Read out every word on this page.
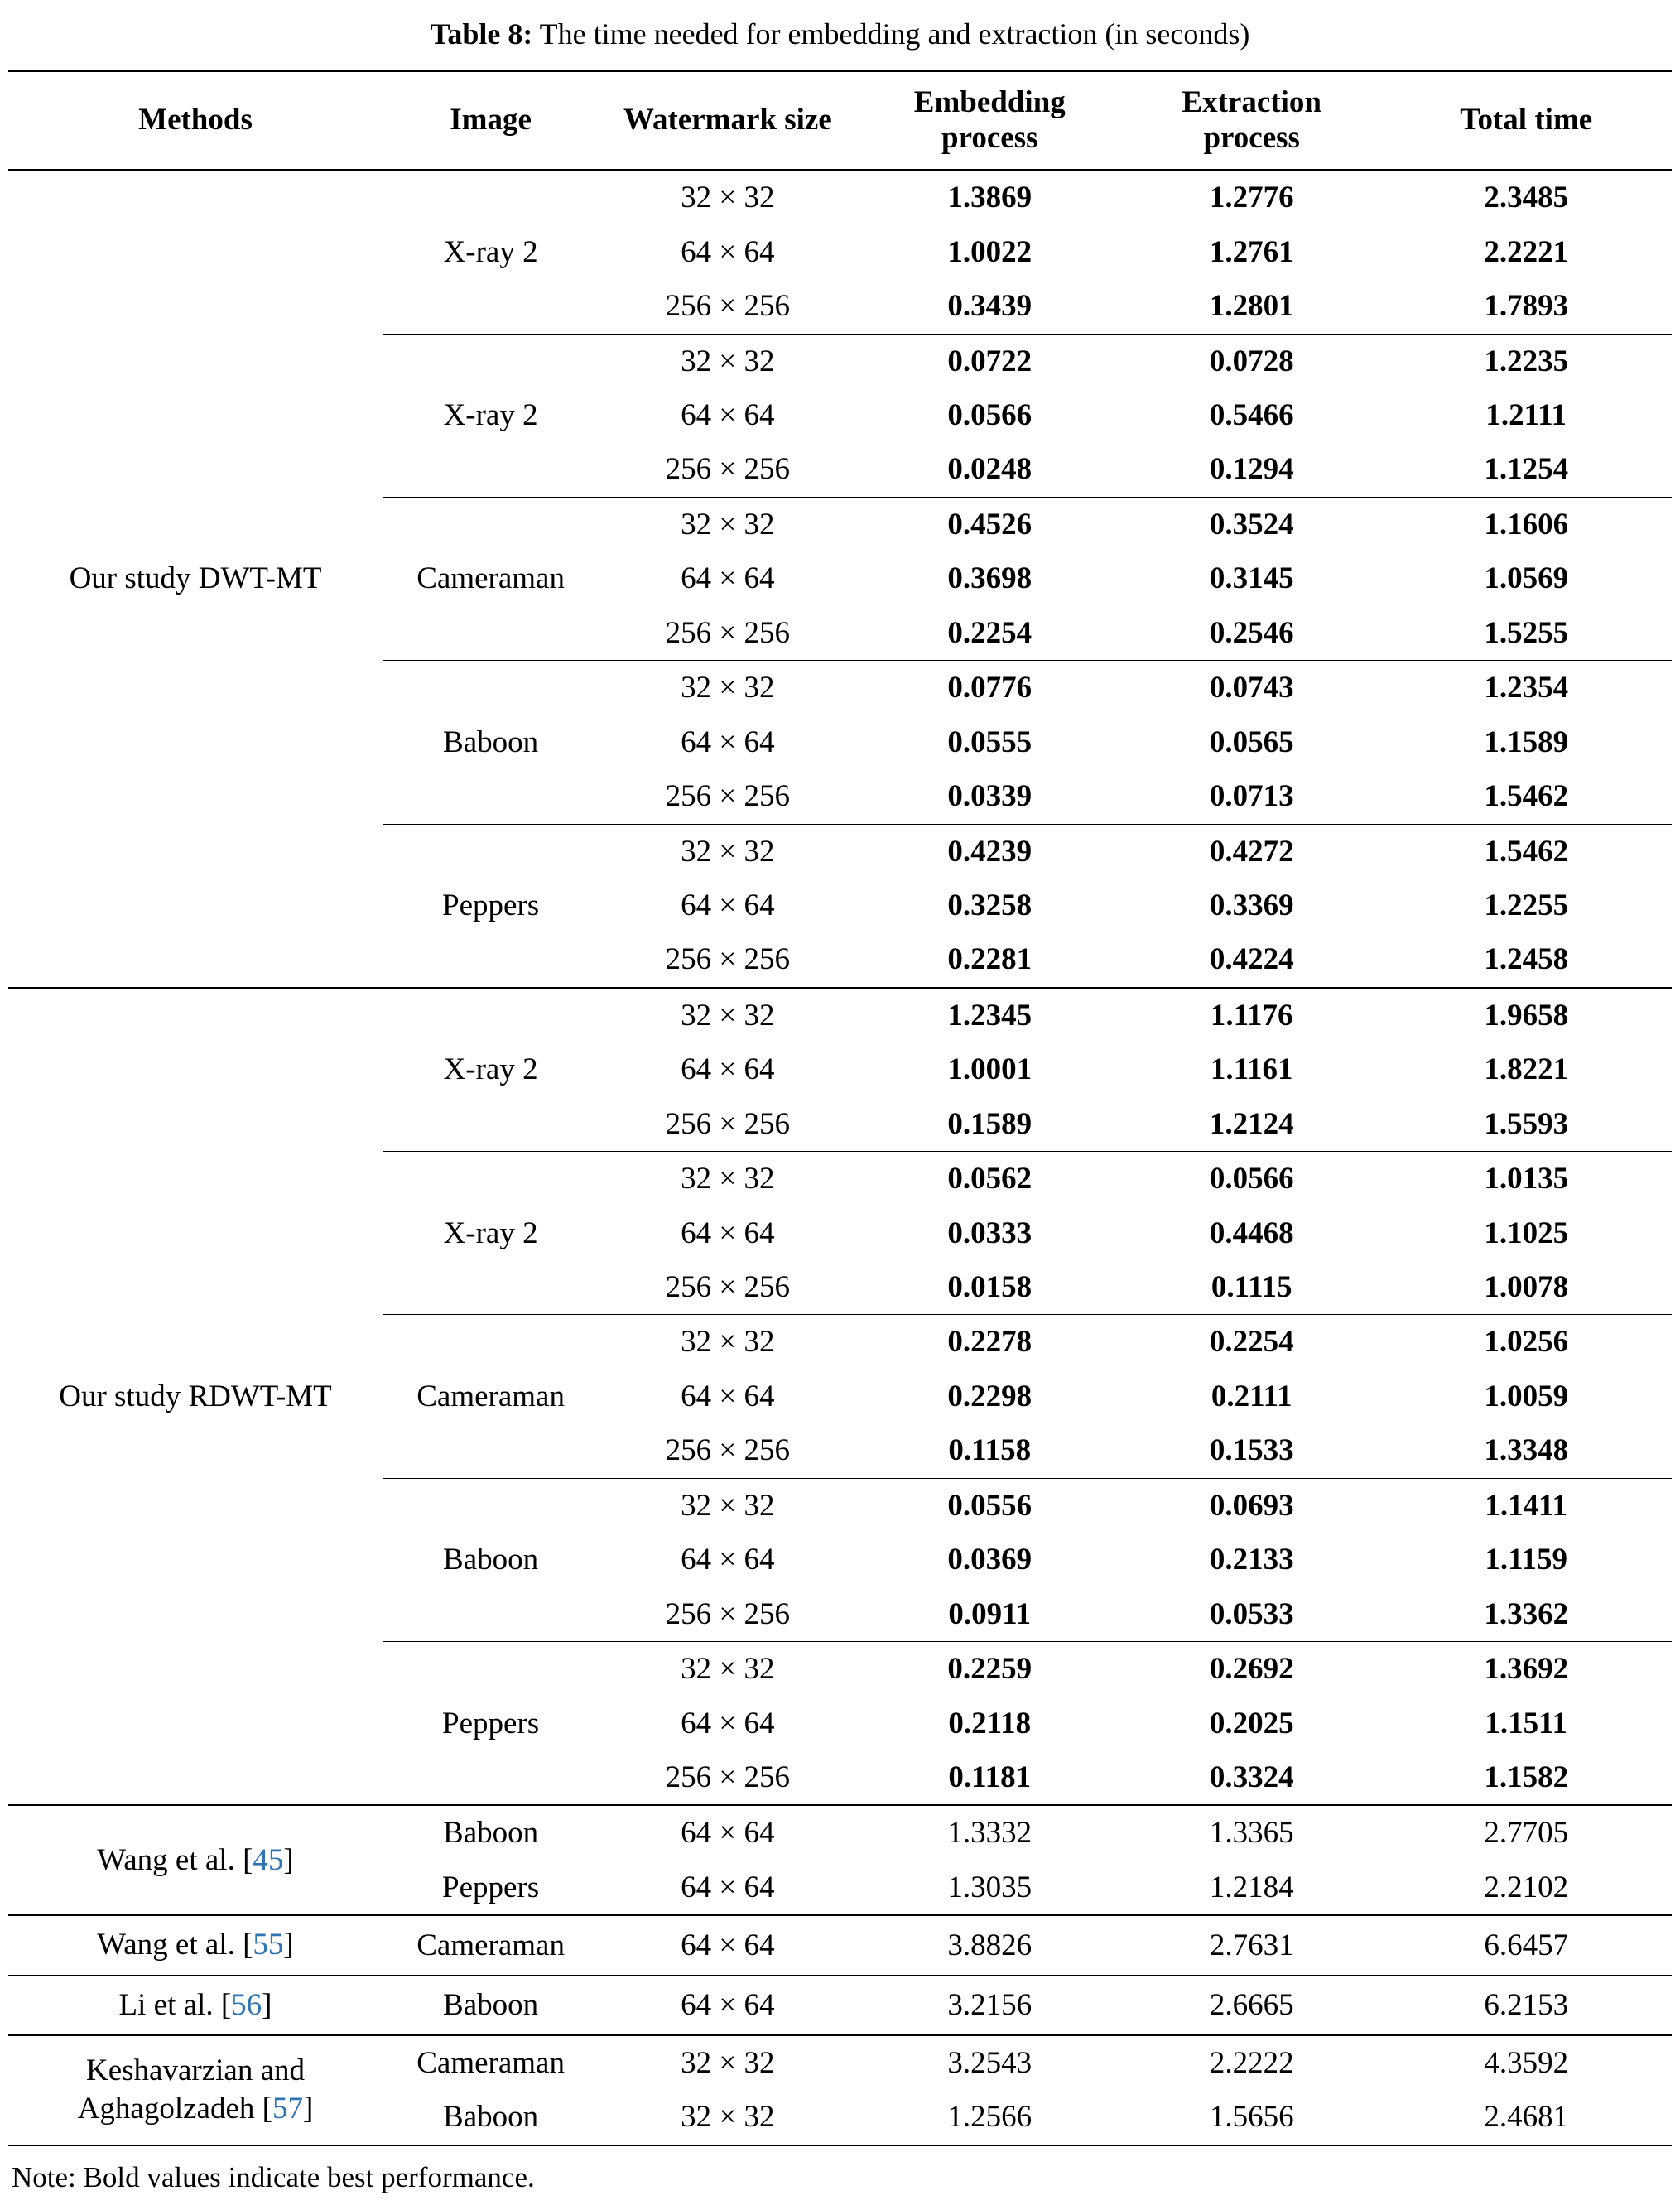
Table 8: The time needed for embedding and extraction (in seconds)
Methods	Image	Watermark size	Embedding process	Extraction process	Total time
Our study DWT-MT	X-ray 2	32 × 32	1.3869	1.2776	2.3485
		64 × 64	1.0022	1.2761	2.2221
		256 × 256	0.3439	1.2801	1.7893
	X-ray 2	32 × 32	0.0722	0.0728	1.2235
		64 × 64	0.0566	0.5466	1.2111
		256 × 256	0.0248	0.1294	1.1254
	Cameraman	32 × 32	0.4526	0.3524	1.1606
		64 × 64	0.3698	0.3145	1.0569
		256 × 256	0.2254	0.2546	1.5255
	Baboon	32 × 32	0.0776	0.0743	1.2354
		64 × 64	0.0555	0.0565	1.1589
		256 × 256	0.0339	0.0713	1.5462
	Peppers	32 × 32	0.4239	0.4272	1.5462
		64 × 64	0.3258	0.3369	1.2255
		256 × 256	0.2281	0.4224	1.2458
Our study RDWT-MT	X-ray 2	32 × 32	1.2345	1.1176	1.9658
		64 × 64	1.0001	1.1161	1.8221
		256 × 256	0.1589	1.2124	1.5593
	X-ray 2	32 × 32	0.0562	0.0566	1.0135
		64 × 64	0.0333	0.4468	1.1025
		256 × 256	0.0158	0.1115	1.0078
	Cameraman	32 × 32	0.2278	0.2254	1.0256
		64 × 64	0.2298	0.2111	1.0059
		256 × 256	0.1158	0.1533	1.3348
	Baboon	32 × 32	0.0556	0.0693	1.1411
		64 × 64	0.0369	0.2133	1.1159
		256 × 256	0.0911	0.0533	1.3362
	Peppers	32 × 32	0.2259	0.2692	1.3692
		64 × 64	0.2118	0.2025	1.1511
		256 × 256	0.1181	0.3324	1.1582
Wang et al. [45]	Baboon	64 × 64	1.3332	1.3365	2.7705
	Peppers	64 × 64	1.3035	1.2184	2.2102
Wang et al. [55]	Cameraman	64 × 64	3.8826	2.7631	6.6457
Li et al. [56]	Baboon	64 × 64	3.2156	2.6665	6.2153
Keshavarzian and Aghagolzadeh [57]	Cameraman	32 × 32	3.2543	2.2222	4.3592
	Baboon	32 × 32	1.2566	1.5656	2.4681
Note: Bold values indicate best performance.
